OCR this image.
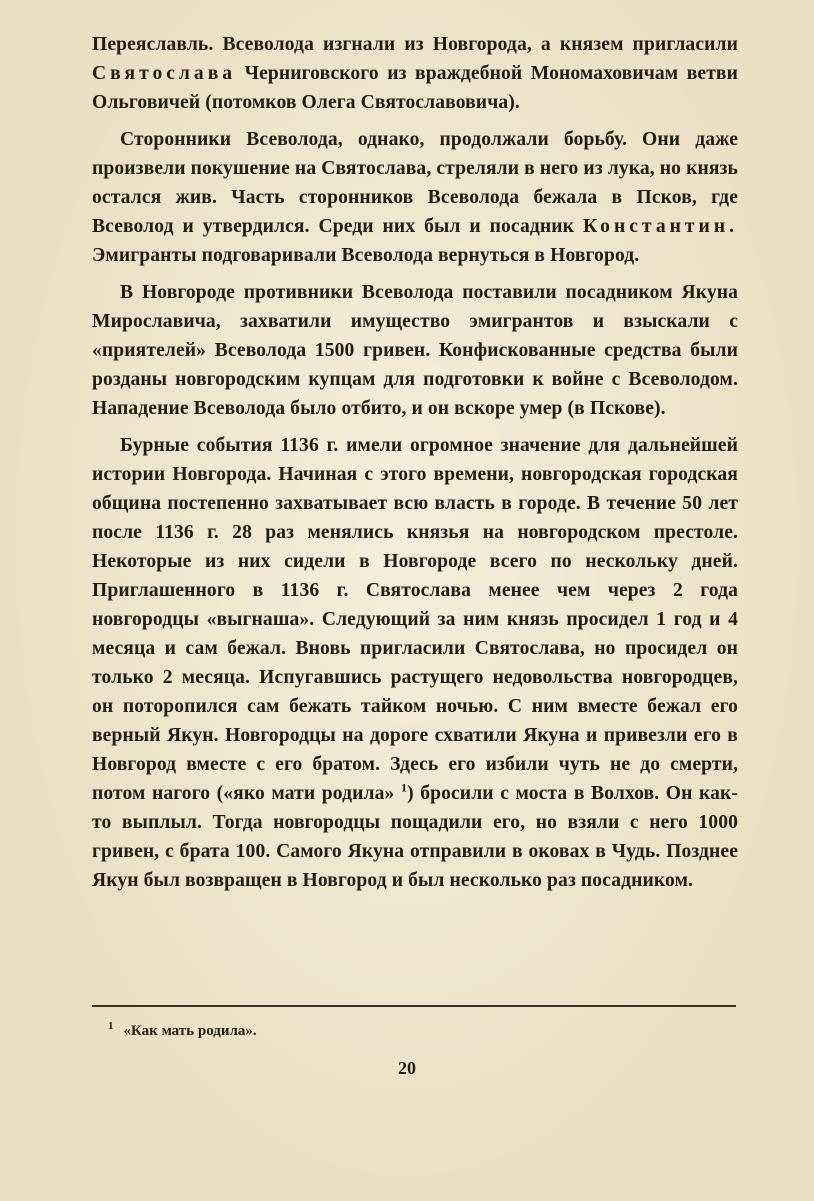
Переяславль. Всеволода изгнали из Новгорода, а князем пригласили Святослава Черниговского из враждебной Мономаховичам ветви Ольговичей (потомков Олега Святославовича).

Сторонники Всеволода, однако, продолжали борьбу. Они даже произвели покушение на Святослава, стреляли в него из лука, но князь остался жив. Часть сторонников Всеволода бежала в Псков, где Всеволод и утвердился. Среди них был и посадник Константин. Эмигранты подговаривали Всеволода вернуться в Новгород.

В Новгороде противники Всеволода поставили посадником Якуна Мирославича, захватили имущество эмигрантов и взыскали с «приятелей» Всеволода 1500 гривен. Конфискованные средства были розданы новгородским купцам для подготовки к войне с Всеволодом. Нападение Всеволода было отбито, и он вскоре умер (в Пскове).

Бурные события 1136 г. имели огромное значение для дальнейшей истории Новгорода. Начиная с этого времени, новгородская городская община постепенно захватывает всю власть в городе. В течение 50 лет после 1136 г. 28 раз менялись князья на новгородском престоле. Некоторые из них сидели в Новгороде всего по нескольку дней. Приглашенного в 1136 г. Святослава менее чем через 2 года новгородцы «выгнаша». Следующий за ним князь просидел 1 год и 4 месяца и сам бежал. Вновь пригласили Святослава, но просидел он только 2 месяца. Испугавшись растущего недовольства новгородцев, он поторопился сам бежать тайком ночью. С ним вместе бежал его верный Якун. Новгородцы на дороге схватили Якуна и привезли его в Новгород вместе с его братом. Здесь его избили чуть не до смерти, потом нагого («яко мати родила» $^1$) бросили с моста в Волхов. Он как-то выплыл. Тогда новгородцы пощадили его, но взяли с него 1000 гривен, с брата 100. Самого Якуна отправили в оковах в Чудь. Позднее Якун был возвращен в Новгород и был несколько раз посадником.

$^1$ «Как мать родила».
20
